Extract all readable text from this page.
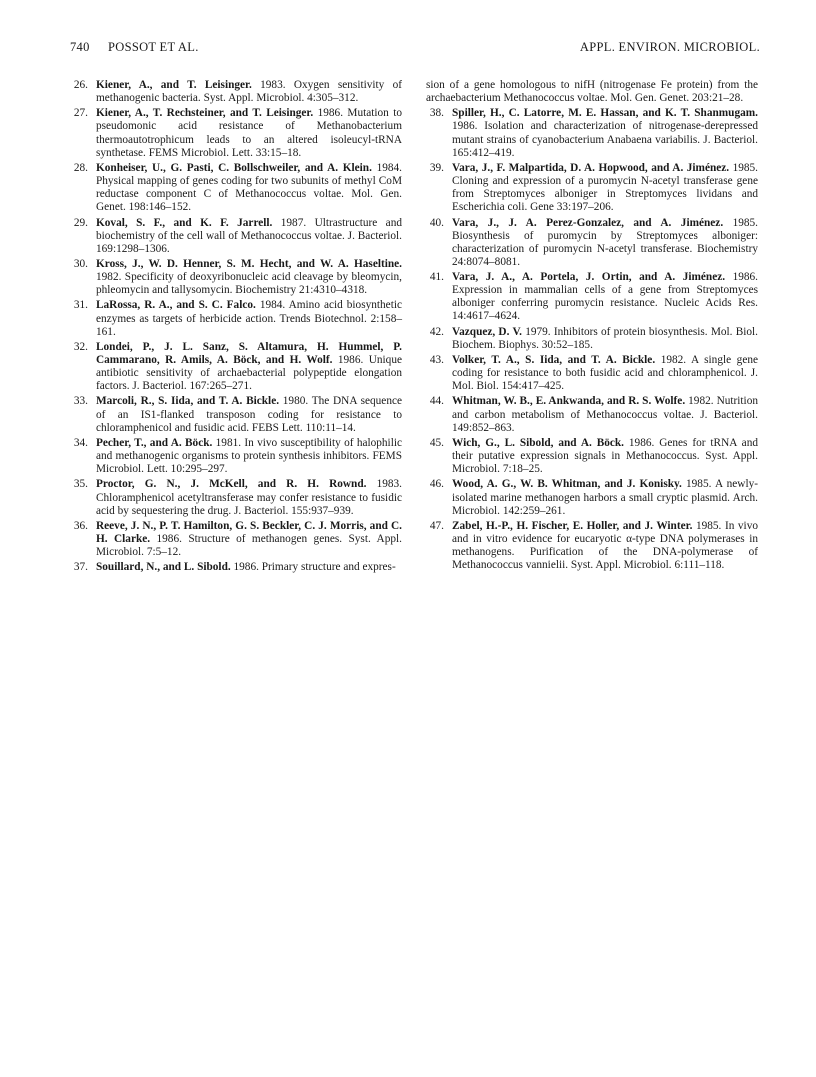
740 POSSOT ET AL.	APPL. ENVIRON. MICROBIOL.
26. Kiener, A., and T. Leisinger. 1983. Oxygen sensitivity of methanogenic bacteria. Syst. Appl. Microbiol. 4:305–312.
27. Kiener, A., T. Rechsteiner, and T. Leisinger. 1986. Mutation to pseudomonic acid resistance of Methanobacterium thermoautotrophicum leads to an altered isoleucyl-tRNA synthetase. FEMS Microbiol. Lett. 33:15–18.
28. Konheiser, U., G. Pasti, C. Bollschweiler, and A. Klein. 1984. Physical mapping of genes coding for two subunits of methyl CoM reductase component C of Methanococcus voltae. Mol. Gen. Genet. 198:146–152.
29. Koval, S. F., and K. F. Jarrell. 1987. Ultrastructure and biochemistry of the cell wall of Methanococcus voltae. J. Bacteriol. 169:1298–1306.
30. Kross, J., W. D. Henner, S. M. Hecht, and W. A. Haseltine. 1982. Specificity of deoxyribonucleic acid cleavage by bleomycin, phleomycin and tallysomycin. Biochemistry 21:4310–4318.
31. LaRossa, R. A., and S. C. Falco. 1984. Amino acid biosynthetic enzymes as targets of herbicide action. Trends Biotechnol. 2:158–161.
32. Londei, P., J. L. Sanz, S. Altamura, H. Hummel, P. Cammarano, R. Amils, A. Böck, and H. Wolf. 1986. Unique antibiotic sensitivity of archaebacterial polypeptide elongation factors. J. Bacteriol. 167:265–271.
33. Marcoli, R., S. Iida, and T. A. Bickle. 1980. The DNA sequence of an IS1-flanked transposon coding for resistance to chloramphenicol and fusidic acid. FEBS Lett. 110:11–14.
34. Pecher, T., and A. Böck. 1981. In vivo susceptibility of halophilic and methanogenic organisms to protein synthesis inhibitors. FEMS Microbiol. Lett. 10:295–297.
35. Proctor, G. N., J. McKell, and R. H. Rownd. 1983. Chloramphenicol acetyltransferase may confer resistance to fusidic acid by sequestering the drug. J. Bacteriol. 155:937–939.
36. Reeve, J. N., P. T. Hamilton, G. S. Beckler, C. J. Morris, and C. H. Clarke. 1986. Structure of methanogen genes. Syst. Appl. Microbiol. 7:5–12.
37. Souillard, N., and L. Sibold. 1986. Primary structure and expres-
sion of a gene homologous to nifH (nitrogenase Fe protein) from the archaebacterium Methanococcus voltae. Mol. Gen. Genet. 203:21–28.
38. Spiller, H., C. Latorre, M. E. Hassan, and K. T. Shanmugam. 1986. Isolation and characterization of nitrogenase-derepressed mutant strains of cyanobacterium Anabaena variabilis. J. Bacteriol. 165:412–419.
39. Vara, J., F. Malpartida, D. A. Hopwood, and A. Jiménez. 1985. Cloning and expression of a puromycin N-acetyl transferase gene from Streptomyces alboniger in Streptomyces lividans and Escherichia coli. Gene 33:197–206.
40. Vara, J., J. A. Perez-Gonzalez, and A. Jiménez. 1985. Biosynthesis of puromycin by Streptomyces alboniger: characterization of puromycin N-acetyl transferase. Biochemistry 24:8074–8081.
41. Vara, J. A., A. Portela, J. Ortin, and A. Jiménez. 1986. Expression in mammalian cells of a gene from Streptomyces alboniger conferring puromycin resistance. Nucleic Acids Res. 14:4617–4624.
42. Vazquez, D. V. 1979. Inhibitors of protein biosynthesis. Mol. Biol. Biochem. Biophys. 30:52–185.
43. Volker, T. A., S. Iida, and T. A. Bickle. 1982. A single gene coding for resistance to both fusidic acid and chloramphenicol. J. Mol. Biol. 154:417–425.
44. Whitman, W. B., E. Ankwanda, and R. S. Wolfe. 1982. Nutrition and carbon metabolism of Methanococcus voltae. J. Bacteriol. 149:852–863.
45. Wich, G., L. Sibold, and A. Böck. 1986. Genes for tRNA and their putative expression signals in Methanococcus. Syst. Appl. Microbiol. 7:18–25.
46. Wood, A. G., W. B. Whitman, and J. Konisky. 1985. A newly-isolated marine methanogen harbors a small cryptic plasmid. Arch. Microbiol. 142:259–261.
47. Zabel, H.-P., H. Fischer, E. Holler, and J. Winter. 1985. In vivo and in vitro evidence for eucaryotic α-type DNA polymerases in methanogens. Purification of the DNA-polymerase of Methanococcus vannielii. Syst. Appl. Microbiol. 6:111–118.
